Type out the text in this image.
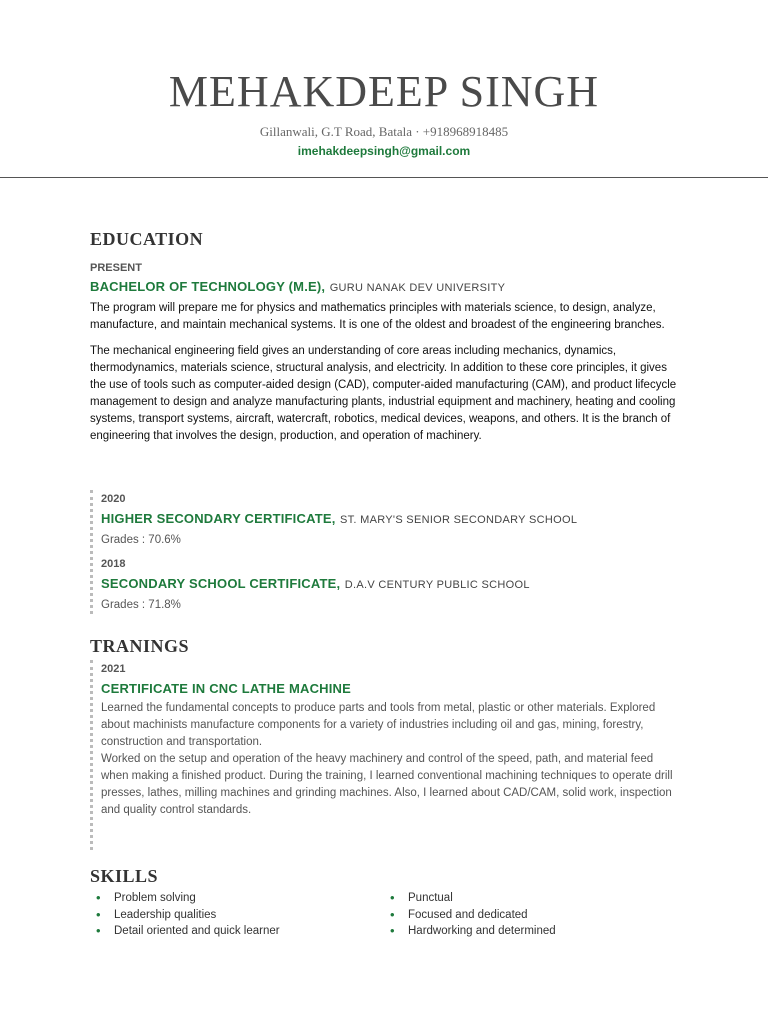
MEHAKDEEP SINGH
Gillanwali, G.T Road, Batala · +918968918485
imehakdeepsingh@gmail.com
EDUCATION
PRESENT
BACHELOR OF TECHNOLOGY (M.E), GURU NANAK DEV UNIVERSITY
The program will prepare me for physics and mathematics principles with materials science, to design, analyze, manufacture, and maintain mechanical systems. It is one of the oldest and broadest of the engineering branches.
The mechanical engineering field gives an understanding of core areas including mechanics, dynamics, thermodynamics, materials science, structural analysis, and electricity. In addition to these core principles, it gives the use of tools such as computer-aided design (CAD), computer-aided manufacturing (CAM), and product lifecycle management to design and analyze manufacturing plants, industrial equipment and machinery, heating and cooling systems, transport systems, aircraft, watercraft, robotics, medical devices, weapons, and others. It is the branch of engineering that involves the design, production, and operation of machinery.
2020
HIGHER SECONDARY CERTIFICATE, ST. MARY'S SENIOR SECONDARY SCHOOL
Grades : 70.6%
2018
SECONDARY SCHOOL CERTIFICATE, D.A.V CENTURY PUBLIC SCHOOL
Grades : 71.8%
TRANINGS
2021
CERTIFICATE IN CNC LATHE MACHINE
Learned the fundamental concepts to produce parts and tools from metal, plastic or other materials. Explored about machinists manufacture components for a variety of industries including oil and gas, mining, forestry, construction and transportation.
Worked on the setup and operation of the heavy machinery and control of the speed, path, and material feed when making a finished product. During the training, I learned conventional machining techniques to operate drill presses, lathes, milling machines and grinding machines. Also, I learned about CAD/CAM, solid work, inspection and quality control standards.
SKILLS
• Problem solving
• Leadership qualities
• Detail oriented and quick learner
• Punctual
• Focused and dedicated
• Hardworking and determined
